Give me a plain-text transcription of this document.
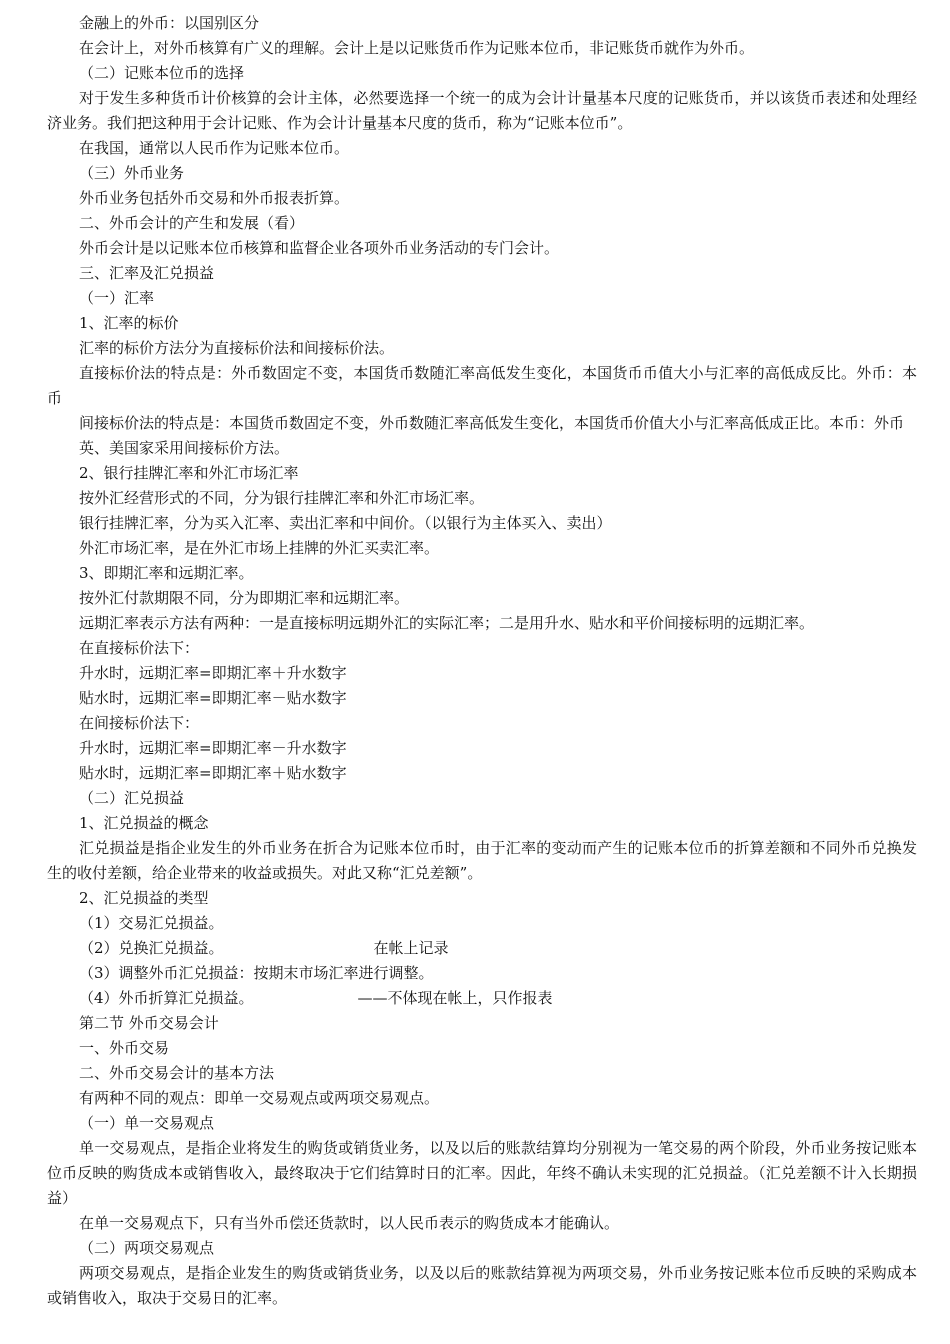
金融上的外币：以国别区分

在会计上，对外币核算有广义的理解。会计上是以记账货币作为记账本位币，非记账货币就作为外币。

（二）记账本位币的选择

对于发生多种货币计价核算的会计主体，必然要选择一个统一的成为会计计量基本尺度的记账货币，并以该货币表述和处理经济业务。我们把这种用于会计记账、作为会计计量基本尺度的货币，称为“记账本位币”。

在我国，通常以人民币作为记账本位币。

（三）外币业务

外币业务包括外币交易和外币报表折算。

二、外币会计的产生和发展（看）

外币会计是以记账本位币核算和监督企业各项外币业务活动的专门会计。

三、汇率及汇兑损益

（一）汇率

1、汇率的标价

汇率的标价方法分为直接标价法和间接标价法。

直接标价法的特点是：外币数固定不变，本国货币数随汇率高低发生变化，本国货币币值大小与汇率的高低成反比。外币：本币

间接标价法的特点是：本国货币数固定不变，外币数随汇率高低发生变化，本国货币价值大小与汇率高低成正比。本币：外币

英、美国家采用间接标价方法。

2、银行挂牌汇率和外汇市场汇率

按外汇经营形式的不同，分为银行挂牌汇率和外汇市场汇率。

银行挂牌汇率，分为买入汇率、卖出汇率和中间价。（以银行为主体买入、卖出）

外汇市场汇率，是在外汇市场上挂牌的外汇买卖汇率。

3、即期汇率和远期汇率。

按外汇付款期限不同，分为即期汇率和远期汇率。

远期汇率表示方法有两种：一是直接标明远期外汇的实际汇率；二是用升水、贴水和平价间接标明的远期汇率。

在直接标价法下：

升水时，远期汇率=即期汇率＋升水数字

贴水时，远期汇率=即期汇率－贴水数字

在间接标价法下：

升水时，远期汇率=即期汇率－升水数字

贴水时，远期汇率=即期汇率＋贴水数字

（二）汇兑损益

1、汇兑损益的概念

汇兑损益是指企业发生的外币业务在折合为记账本位币时，由于汇率的变动而产生的记账本位币的折算差额和不同外币兑换发生的收付差额，给企业带来的收益或损失。对此又称“汇兑差额”。

2、汇兑损益的类型

（1）交易汇兑损益。

（2）兑换汇兑损益。	在帐上记录

（3）调整外币汇兑损益：按期末市场汇率进行调整。

（4）外币折算汇兑损益。	——不体现在帐上，只作报表

第二节 外币交易会计

一、外币交易

二、外币交易会计的基本方法

有两种不同的观点：即单一交易观点或两项交易观点。

（一）单一交易观点

单一交易观点，是指企业将发生的购货或销货业务，以及以后的账款结算均分别视为一笔交易的两个阶段，外币业务按记账本位币反映的购货成本或销售收入，最终取决于它们结算时日的汇率。因此，年终不确认未实现的汇兑损益。（汇兑差额不计入长期损益）

在单一交易观点下，只有当外币偿还货款时，以人民币表示的购货成本才能确认。

（二）两项交易观点

两项交易观点，是指企业发生的购货或销货业务，以及以后的账款结算视为两项交易，外币业务按记账本位币反映的采购成本或销售收入，取决于交易日的汇率。
